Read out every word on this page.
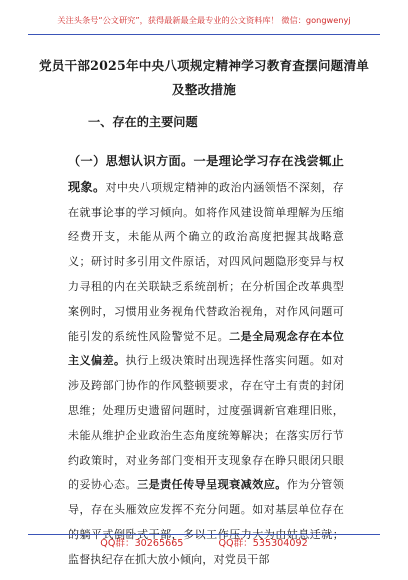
关注头条号“公文研究”，获得最新最全最专业的公文资料库！ 微信：gongwenyj
党员干部2025年中央八项规定精神学习教育查摆问题清单及整改措施
一、存在的主要问题
（一）思想认识方面。一是理论学习存在浅尝辄止现象。对中央八项规定精神的政治内涵领悟不深刻，存在就事论事的学习倾向。如将作风建设简单理解为压缩经费开支，未能从两个确立的政治高度把握其战略意义；研讨时多引用文件原话，对四风问题隐形变异与权力寻租的内在关联缺乏系统剖析；在分析国企改革典型案例时，习惯用业务视角代替政治视角，对作风问题可能引发的系统性风险警觉不足。二是全局观念存在本位主义偏差。执行上级决策时出现选择性落实问题。如对涉及跨部门协作的作风整顿要求，存在守土有责的封闭思维；处理历史遗留问题时，过度强调新官难理旧账，未能从维护企业政治生态角度统筹解决；在落实厉行节约政策时，对业务部门变相开支现象存在睁只眼闭只眼的妥协心态。三是责任传导呈现衰减效应。作为分管领导，存在头雁效应发挥不充分问题。如对基层单位存在的躺平式倒卧式干部，多以工作压力大为由姑息迁就；监督执纪存在抓大放小倾向，对党员干部
QQ群：30265665	QQ群：535304092
